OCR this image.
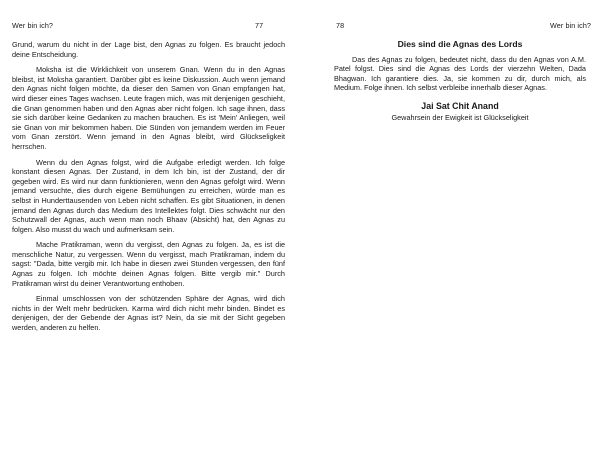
Wer bin ich?	77

Grund, warum du nicht in der Lage bist, den Agnas zu folgen. Es braucht jedoch deine Entscheidung.

Moksha ist die Wirklichkeit von unserem Gnan. Wenn du in den Agnas bleibst, ist Moksha garantiert. Darüber gibt es keine Diskussion. Auch wenn jemand den Agnas nicht folgen möchte, da dieser den Samen von Gnan empfangen hat, wird dieser eines Tages wachsen. Leute fragen mich, was mit denjenigen geschieht, die Gnan genommen haben und den Agnas aber nicht folgen. Ich sage ihnen, dass sie sich darüber keine Gedanken zu machen brauchen. Es ist 'Mein' Anliegen, weil sie Gnan von mir bekommen haben. Die Sünden von jemandem werden im Feuer vom Gnan zerstört. Wenn jemand in den Agnas bleibt, wird Glückseligkeit herrschen.

Wenn du den Agnas folgst, wird die Aufgabe erledigt werden. Ich folge konstant diesen Agnas. Der Zustand, in dem Ich bin, ist der Zustand, der dir gegeben wird. Es wird nur dann funktionieren, wenn den Agnas gefolgt wird. Wenn jemand versuchte, dies durch eigene Bemühungen zu erreichen, würde man es selbst in Hunderttausenden von Leben nicht schaffen. Es gibt Situationen, in denen jemand den Agnas durch das Medium des Intellektes folgt. Dies schwächt nur den Schutzwall der Agnas, auch wenn man noch Bhaav (Absicht) hat, den Agnas zu folgen. Also musst du wach und aufmerksam sein.

Mache Pratikraman, wenn du vergisst, den Agnas zu folgen. Ja, es ist die menschliche Natur, zu vergessen. Wenn du vergisst, mach Pratikraman, indem du sagst: "Dada, bitte vergib mir. Ich habe in diesen zwei Stunden vergessen, den fünf Agnas zu folgen. Ich möchte deinen Agnas folgen. Bitte vergib mir." Durch Pratikraman wirst du deiner Verantwortung enthoben.

Einmal umschlossen von der schützenden Sphäre der Agnas, wird dich nichts in der Welt mehr bedrücken. Karma wird dich nicht mehr binden. Bindet es denjenigen, der der Gebende der Agnas ist? Nein, da sie mit der Sicht gegeben werden, anderen zu helfen.

78	Wer bin ich?
Dies sind die Agnas des Lords

Das des Agnas zu folgen, bedeutet nicht, dass du den Agnas von A.M. Patel folgst. Dies sind die Agnas des Lords der vierzehn Welten, Dada Bhagwan. Ich garantiere dies. Ja, sie kommen zu dir, durch mich, als Medium. Folge ihnen. Ich selbst verbleibe innerhalb dieser Agnas.

Jai Sat Chit Anand
Gewahrsein der Ewigkeit ist Glückseligkeit
